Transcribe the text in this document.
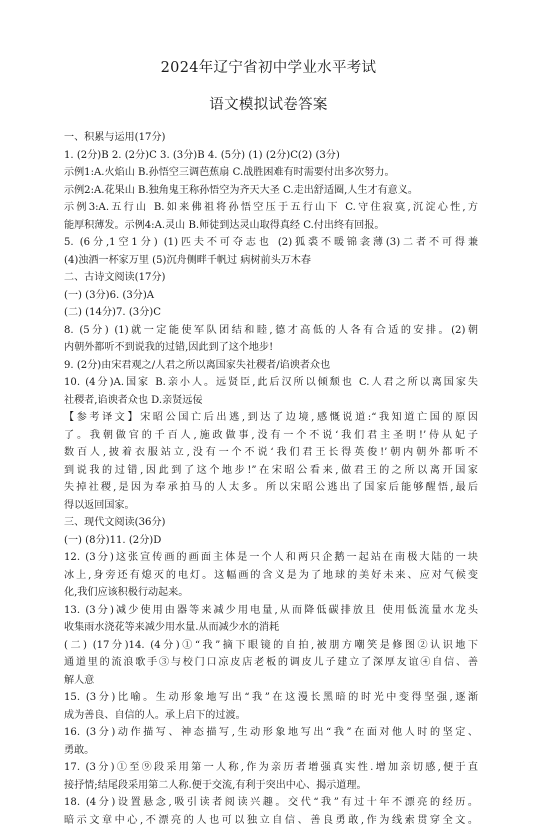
2024年辽宁省初中学业水平考试
语文模拟试卷答案
一、积累与运用(17分)
1. (2分)B 2. (2分)C 3. (3分)B 4. (5分) (1) (2分)C(2) (3分)
示例1:A.火焰山 B.孙悟空三调芭蕉扇 C.战胜困难有时需要付出多次努力。
示例2:A.花果山 B.独角鬼王称孙悟空为齐天大圣 C.走出舒适圈,人生才有意义。
示例3:A.五行山 B.如来佛祖将孙悟空压于五行山下 C.守住寂寞,沉淀心性,方
能厚积薄发。示例4:A.灵山 B.师徒到达灵山取得真经 C.付出终有回报。
5. (6分,1空1分) (1)匹夫不可夺志也 (2)狐裘不暖锦衾薄(3)二者不可得兼
(4)浊酒一杯家万里 (5)沉舟侧畔千帆过 病树前头万木春
二、古诗文阅读(17分)
(一) (3分)6. (3分)A
(二) (14分)7. (3分)C
8. (5分) (1)就一定能使军队团结和睦,德才高低的人各有合适的安排。(2)朝
内朝外都听不到说我的过错,因此到了这个地步!
9. (2分)由宋君观之/人君之所以离国家失社稷者/谄谀者众也
10. (4分)A.国家 B.亲小人。远贤臣,此后汉所以倾颓也 C.人君之所以离国家失
社稷者,谄谀者众也 D.亲贤远佞
【参考译文】宋昭公国亡后出逃,到达了边境,感慨说道:“我知道亡国的原因
了。我朝做官的千百人,施政做事,没有一个不说‘我们君主圣明!’侍从妃子
数百人,披着衣服站立,没有一个不说‘我们君王长得英俊!’朝内朝外都听不
到说我的过错,因此到了这个地步!”在宋昭公看来,做君王的之所以离开国家
失掉社稷,是因为奉承拍马的人太多。所以宋昭公逃出了国家后能够醒悟,最后
得以返回国家。
三、现代文阅读(36分)
(一) (8分)11. (2分)D
12. (3分)这张宣传画的画面主体是一个人和两只企鹅一起站在南极大陆的一块
冰上,身旁还有熄灭的电灯。这幅画的含义是为了地球的美好未来、应对气候变
化,我们应该积极行动起来。
13. (3分)减少使用由器等来减少用电量,从而降低碳排放且 使用低流量水龙头
收集雨水浇花等来减少用水量.从而减少水的消耗
(二) (17分)14. (4分)①“我”摘下眼镜的自拍,被朋方嘲笑是修图②认识地下
通道里的流浪歌手③与校门口凉皮店老板的调皮儿子建立了深厚友谊④自信、善
解人意
15. (3分)比喻。生动形象地写出“我”在这漫长黑暗的时光中变得坚强,逐渐
成为善良、自信的人。承上启下的过渡。
16. (3分)动作描写、神态描写,生动形象地写出“我”在面对他人时的坚定、
勇敢。
17. (3分)①至⑨段采用第一人称,作为亲历者增强真实性.增加亲切感,便于直
接抒情;结尾段采用第二人称.便于交流,有利于突出中心、揭示道理。
18. (4分)设置悬念,吸引读者阅读兴趣。交代“我”有过十年不漂亮的经历。
暗示文章中心,不漂亮的人也可以独立自信、善良勇敢,作为线索贯穿全文。
